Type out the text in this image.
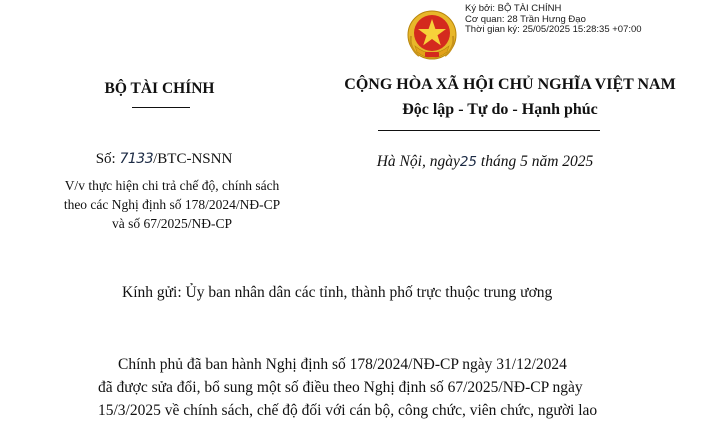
Ký bởi: BỘ TÀI CHÍNH
Cơ quan: 28 Trần Hưng Đạo
Thời gian ký: 25/05/2025 15:28:35 +07:00
BỘ TÀI CHÍNH	CỘNG HÒA XÃ HỘI CHỦ NGHĨA VIỆT NAM
Độc lập - Tự do - Hạnh phúc
Số: 7133/BTC-NSNN	Hà Nội, ngày25 tháng 5 năm 2025
V/v thực hiện chi trả chế độ, chính sách
theo các Nghị định số 178/2024/NĐ-CP
và số 67/2025/NĐ-CP
Kính gửi: Ủy ban nhân dân các tỉnh, thành phố trực thuộc trung ương
Chính phủ đã ban hành Nghị định số 178/2024/NĐ-CP ngày 31/12/2024
đã được sửa đổi, bổ sung một số điều theo Nghị định số 67/2025/NĐ-CP ngày
15/3/2025 về chính sách, chế độ đối với cán bộ, công chức, viên chức, người lao
